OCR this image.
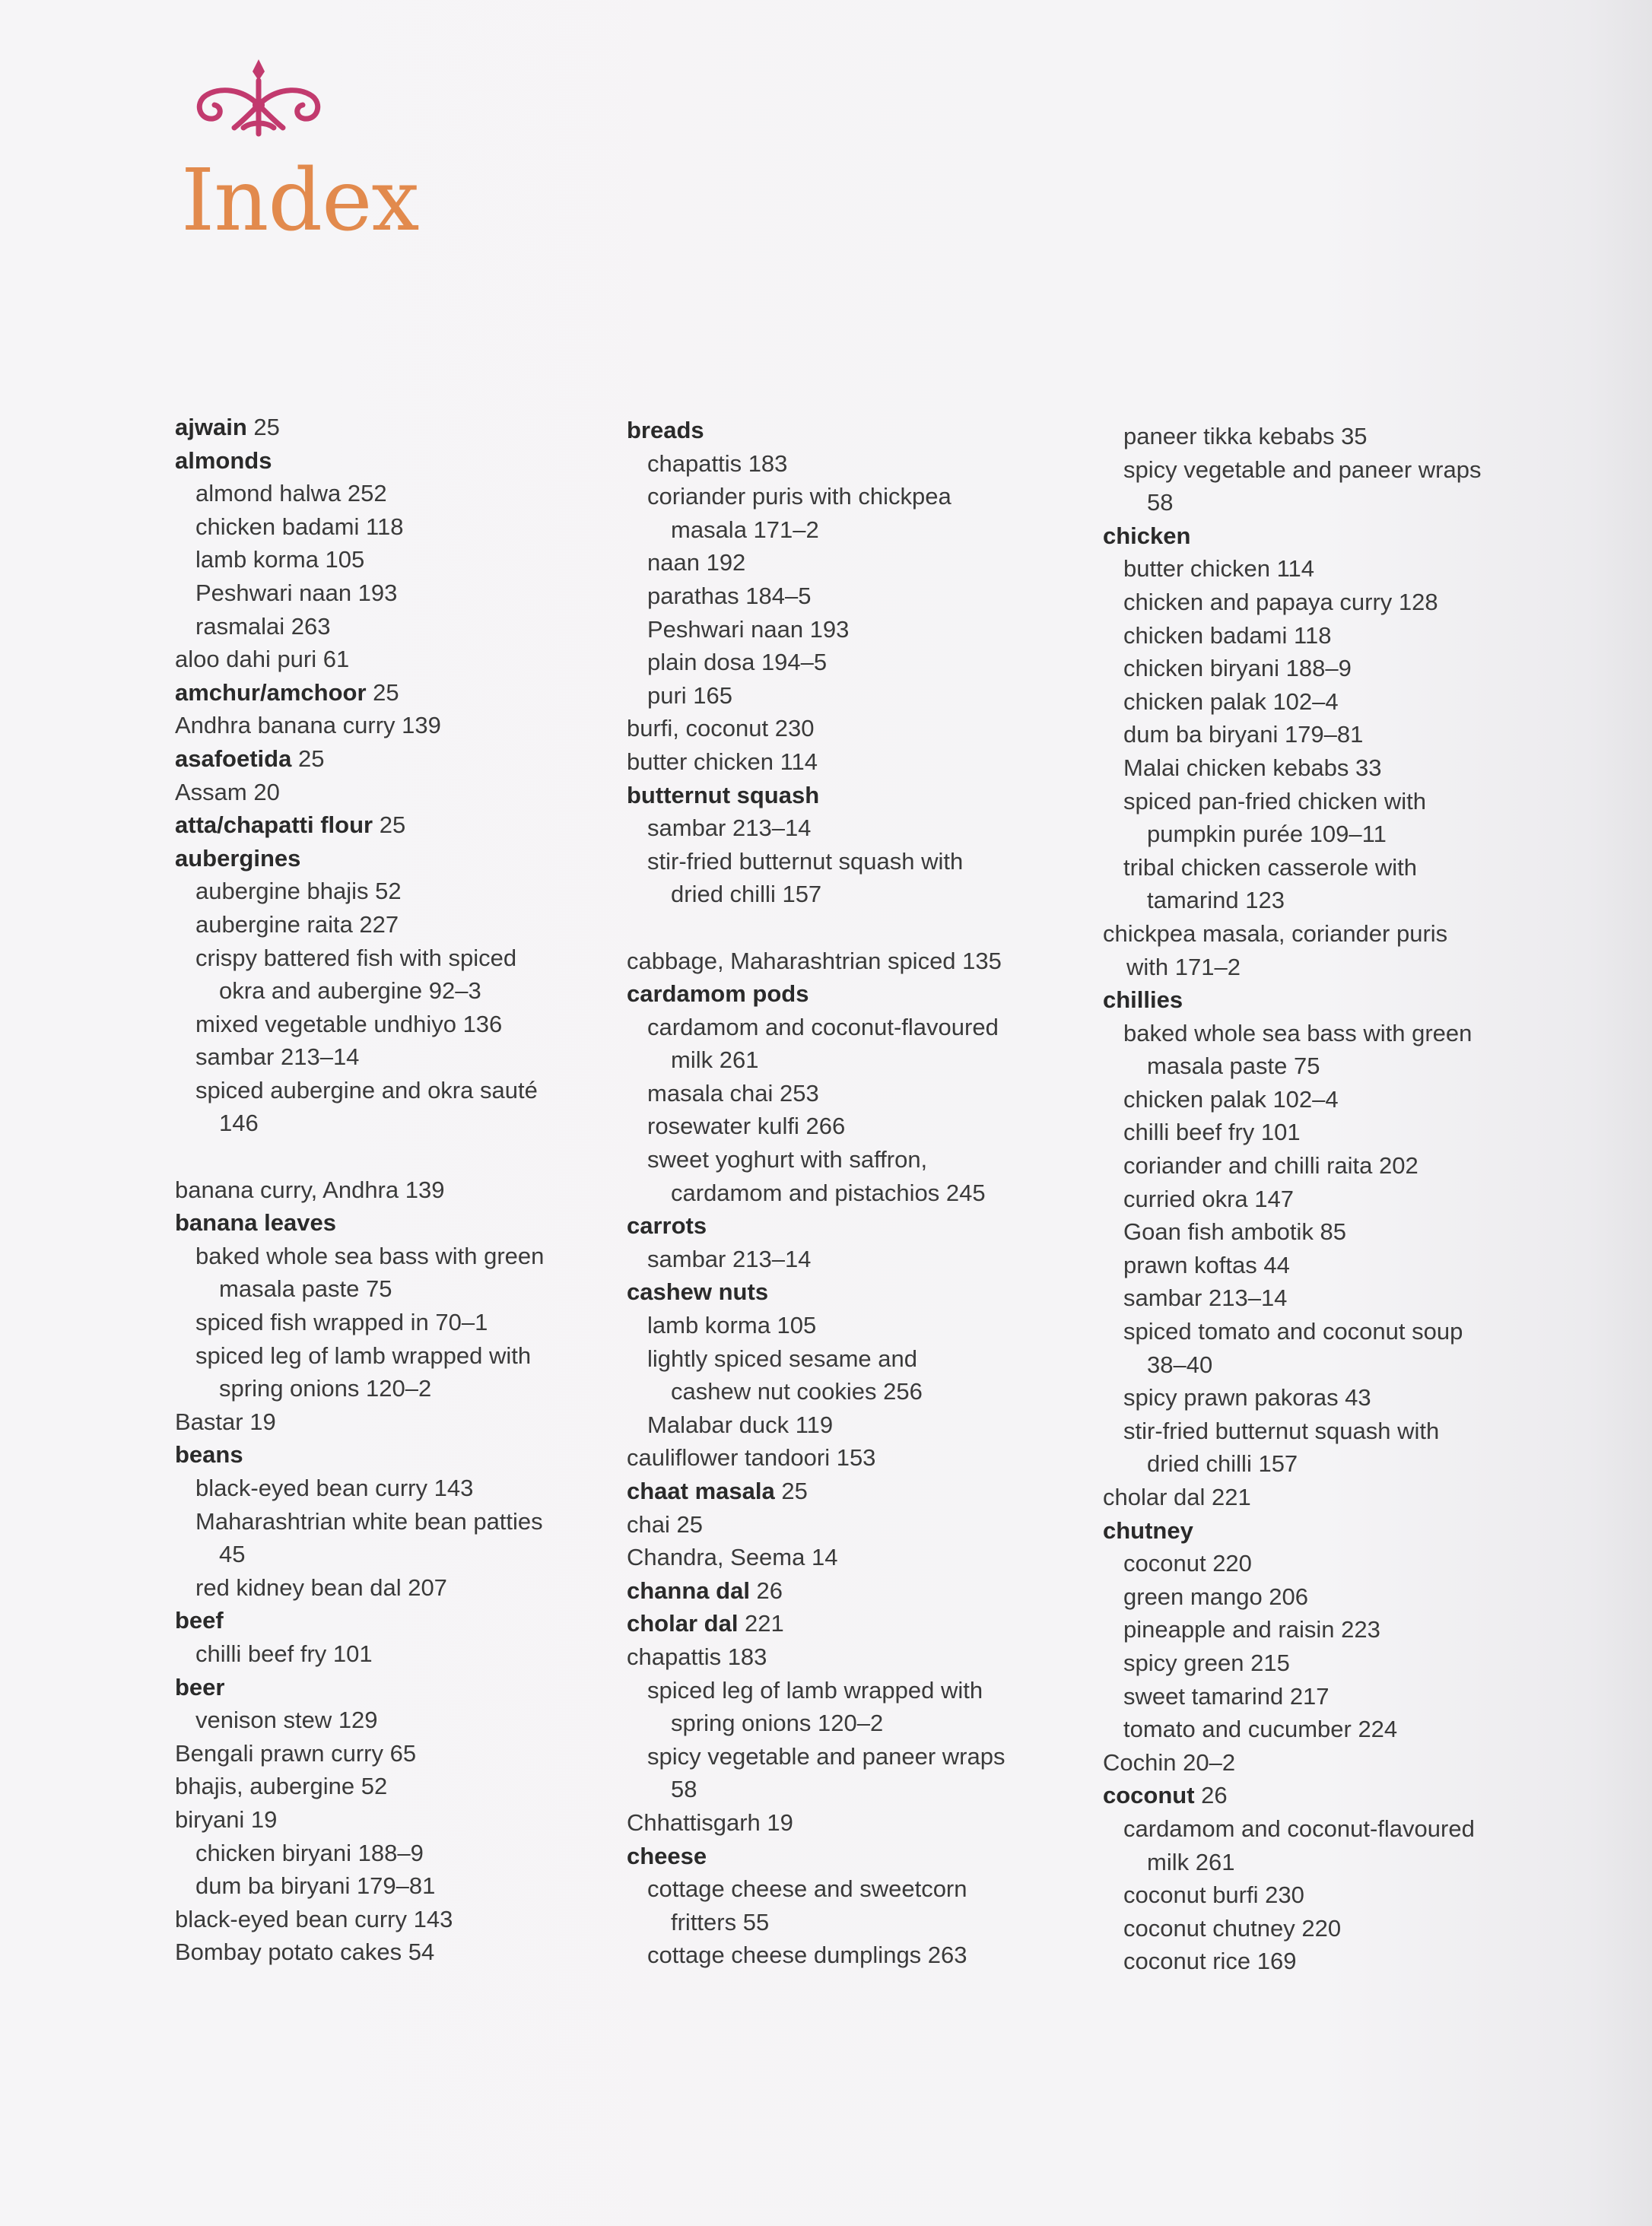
Index
ajwain 25
almonds
almond halwa 252
chicken badami 118
lamb korma 105
Peshwari naan 193
rasmalai 263
aloo dahi puri 61
amchur/amchoor 25
Andhra banana curry 139
asafoetida 25
Assam 20
atta/chapatti flour 25
aubergines
aubergine bhajis 52
aubergine raita 227
crispy battered fish with spiced
okra and aubergine 92–3
mixed vegetable undhiyo 136
sambar 213–14
spiced aubergine and okra sauté
146
banana curry, Andhra 139
banana leaves
baked whole sea bass with green
masala paste 75
spiced fish wrapped in 70–1
spiced leg of lamb wrapped with
spring onions 120–2
Bastar 19
beans
black-eyed bean curry 143
Maharashtrian white bean patties
45
red kidney bean dal 207
beef
chilli beef fry 101
beer
venison stew 129
Bengali prawn curry 65
bhajis, aubergine 52
biryani 19
chicken biryani 188–9
dum ba biryani 179–81
black-eyed bean curry 143
Bombay potato cakes 54
breads
chapattis 183
coriander puris with chickpea
masala 171–2
naan 192
parathas 184–5
Peshwari naan 193
plain dosa 194–5
puri 165
burfi, coconut 230
butter chicken 114
butternut squash
sambar 213–14
stir-fried butternut squash with
dried chilli 157
cabbage, Maharashtrian spiced 135
cardamom pods
cardamom and coconut-flavoured
milk 261
masala chai 253
rosewater kulfi 266
sweet yoghurt with saffron,
cardamom and pistachios 245
carrots
sambar 213–14
cashew nuts
lamb korma 105
lightly spiced sesame and
cashew nut cookies 256
Malabar duck 119
cauliflower tandoori 153
chaat masala 25
chai 25
Chandra, Seema 14
channa dal 26
cholar dal 221
chapattis 183
spiced leg of lamb wrapped with
spring onions 120–2
spicy vegetable and paneer wraps
58
Chhattisgarh 19
cheese
cottage cheese and sweetcorn
fritters 55
cottage cheese dumplings 263
paneer tikka kebabs 35
spicy vegetable and paneer wraps
58
chicken
butter chicken 114
chicken and papaya curry 128
chicken badami 118
chicken biryani 188–9
chicken palak 102–4
dum ba biryani 179–81
Malai chicken kebabs 33
spiced pan-fried chicken with
pumpkin purée 109–11
tribal chicken casserole with
tamarind 123
chickpea masala, coriander puris
with 171–2
chillies
baked whole sea bass with green
masala paste 75
chicken palak 102–4
chilli beef fry 101
coriander and chilli raita 202
curried okra 147
Goan fish ambotik 85
prawn koftas 44
sambar 213–14
spiced tomato and coconut soup
38–40
spicy prawn pakoras 43
stir-fried butternut squash with
dried chilli 157
cholar dal 221
chutney
coconut 220
green mango 206
pineapple and raisin 223
spicy green 215
sweet tamarind 217
tomato and cucumber 224
Cochin 20–2
coconut 26
cardamom and coconut-flavoured
milk 261
coconut burfi 230
coconut chutney 220
coconut rice 169
